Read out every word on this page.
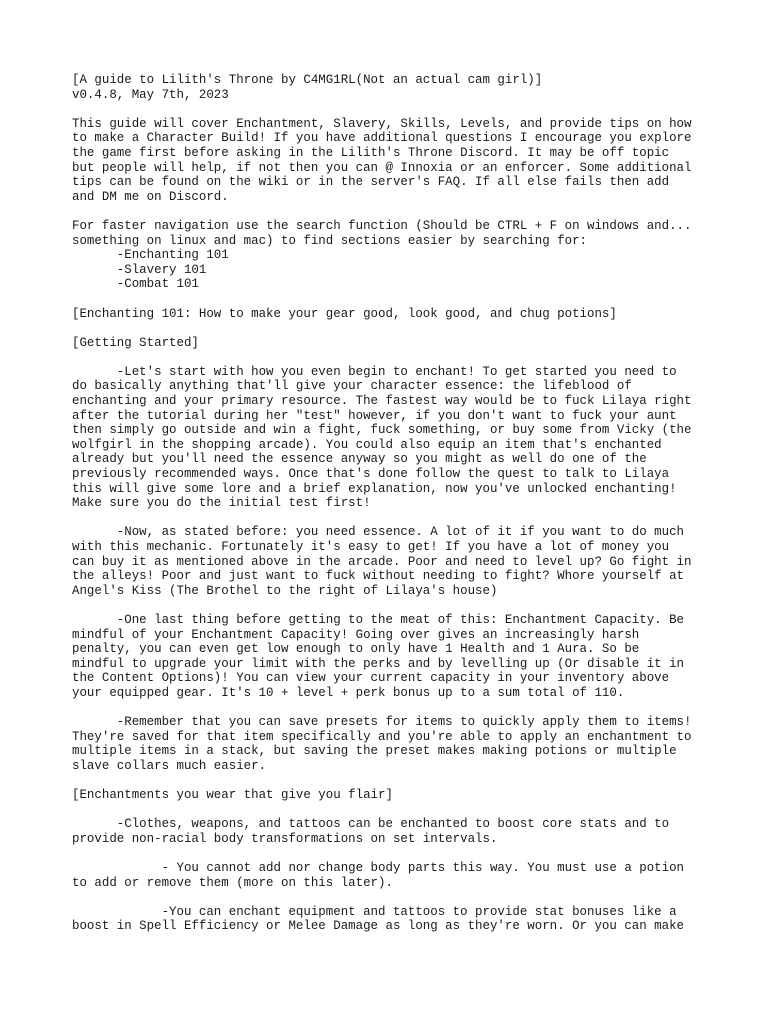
[A guide to Lilith's Throne by C4MG1RL(Not an actual cam girl)]
v0.4.8, May 7th, 2023

This guide will cover Enchantment, Slavery, Skills, Levels, and provide tips on how
to make a Character Build! If you have additional questions I encourage you explore
the game first before asking in the Lilith's Throne Discord. It may be off topic
but people will help, if not then you can @ Innoxia or an enforcer. Some additional
tips can be found on the wiki or in the server's FAQ. If all else fails then add
and DM me on Discord.

For faster navigation use the search function (Should be CTRL + F on windows and...
something on linux and mac) to find sections easier by searching for:
-Enchanting 101
-Slavery 101
-Combat 101

[Enchanting 101: How to make your gear good, look good, and chug potions]

[Getting Started]

-Let's start with how you even begin to enchant! To get started you need to
do basically anything that'll give your character essence: the lifeblood of
enchanting and your primary resource. The fastest way would be to fuck Lilaya right
after the tutorial during her "test" however, if you don't want to fuck your aunt
then simply go outside and win a fight, fuck something, or buy some from Vicky (the
wolfgirl in the shopping arcade). You could also equip an item that's enchanted
already but you'll need the essence anyway so you might as well do one of the
previously recommended ways. Once that's done follow the quest to talk to Lilaya
this will give some lore and a brief explanation, now you've unlocked enchanting!
Make sure you do the initial test first!

-Now, as stated before: you need essence. A lot of it if you want to do much
with this mechanic. Fortunately it's easy to get! If you have a lot of money you
can buy it as mentioned above in the arcade. Poor and need to level up? Go fight in
the alleys! Poor and just want to fuck without needing to fight? Whore yourself at
Angel's Kiss (The Brothel to the right of Lilaya's house)

-One last thing before getting to the meat of this: Enchantment Capacity. Be
mindful of your Enchantment Capacity! Going over gives an increasingly harsh
penalty, you can even get low enough to only have 1 Health and 1 Aura. So be
mindful to upgrade your limit with the perks and by levelling up (Or disable it in
the Content Options)! You can view your current capacity in your inventory above
your equipped gear. It's 10 + level + perk bonus up to a sum total of 110.

-Remember that you can save presets for items to quickly apply them to items!
They're saved for that item specifically and you're able to apply an enchantment to
multiple items in a stack, but saving the preset makes making potions or multiple
slave collars much easier.

[Enchantments you wear that give you flair]

-Clothes, weapons, and tattoos can be enchanted to boost core stats and to
provide non-racial body transformations on set intervals.

- You cannot add nor change body parts this way. You must use a potion
to add or remove them (more on this later).

-You can enchant equipment and tattoos to provide stat bonuses like a
boost in Spell Efficiency or Melee Damage as long as they're worn. Or you can make
